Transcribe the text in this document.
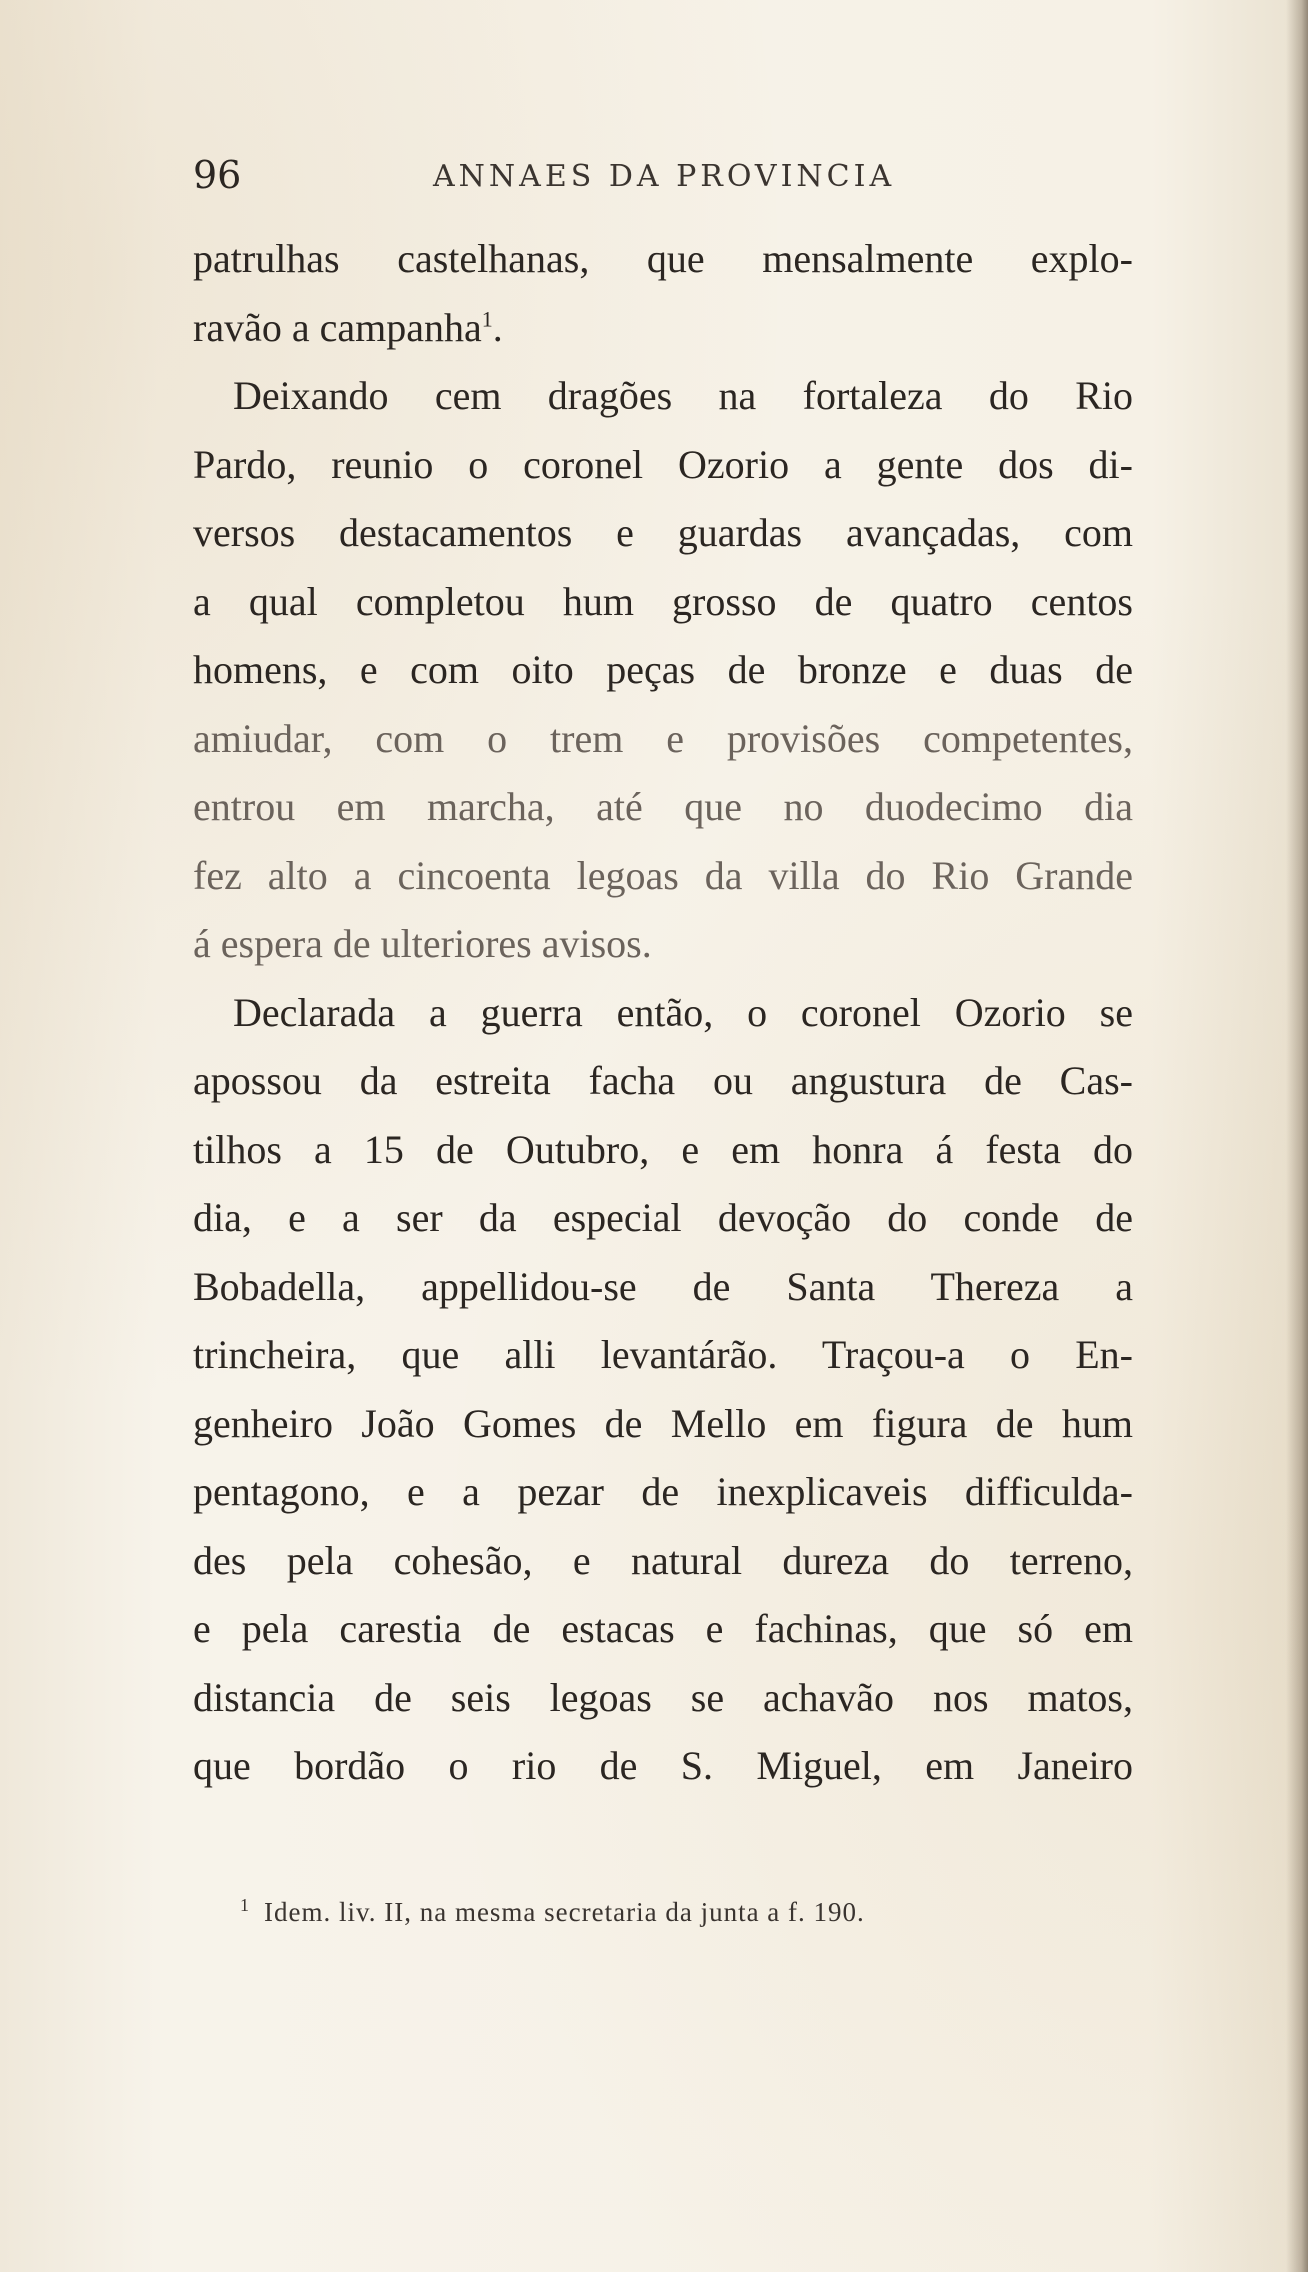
96	ANNAES DA PROVINCIA
patrulhas castelhanas, que mensalmente explo-
ravão a campanha$^1$.
Deixando cem dragões na fortaleza do Rio
Pardo, reunio o coronel Ozorio a gente dos di-
versos destacamentos e guardas avançadas, com
a qual completou hum grosso de quatro centos
homens, e com oito peças de bronze e duas de
amiudar, com o trem e provisões competentes,
entrou em marcha, até que no duodecimo dia
fez alto a cincoenta legoas da villa do Rio Grande
á espera de ulteriores avisos.
Declarada a guerra então, o coronel Ozorio se
apossou da estreita facha ou angustura de Cas-
tilhos a 15 de Outubro, e em honra á festa do
dia, e a ser da especial devoção do conde de
Bobadella, appellidou-se de Santa Thereza a
trincheira, que alli levantárão. Traçou-a o En-
genheiro João Gomes de Mello em figura de hum
pentagono, e a pezar de inexplicaveis difficulda-
des pela cohesão, e natural dureza do terreno,
e pela carestia de estacas e fachinas, que só em
distancia de seis legoas se achavão nos matos,
que bordão o rio de S. Miguel, em Janeiro
$^1$ Idem. liv. II, na mesma secretaria da junta a f. 190.
